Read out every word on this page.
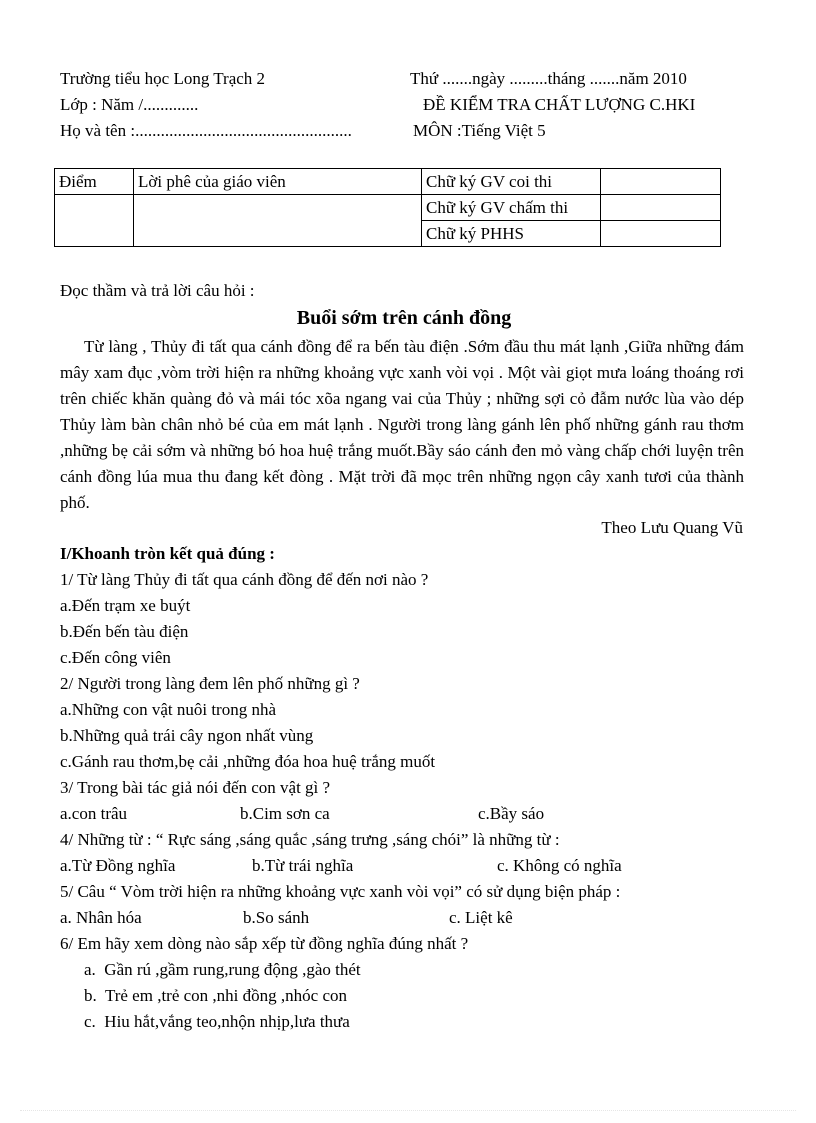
Trường tiểu học Long Trạch 2
Lớp : Năm /.............
Họ và tên :...................................................
Thứ .......ngày .........tháng .......năm 2010
ĐỀ KIỂM TRA CHẤT LƯỢNG C.HKI
MÔN :Tiếng Việt 5
Điểm	Lời phê của giáo viên	Chữ ký GV coi thi	
		Chữ ký GV chấm thi	
		Chữ ký PHHS	
Đọc thầm và trả lời câu hỏi :
Buổi sớm trên cánh đồng
Từ làng , Thủy đi tất qua cánh đồng để ra bến tàu điện .Sớm đầu thu mát lạnh ,Giữa những đám mây xam đục ,vòm trời hiện ra những khoảng vực xanh vòi vọi . Một vài giọt mưa loáng thoáng rơi trên chiếc khăn quàng đỏ và mái tóc xõa ngang vai của Thủy ; những sợi cỏ đẫm nước lùa vào dép Thủy làm bàn chân nhỏ bé của em mát lạnh . Người trong làng gánh lên phố những gánh rau thơm ,những bẹ cải sớm và những bó hoa huệ trắng muốt.Bầy sáo cánh đen mỏ vàng chấp chới luyện trên cánh đồng lúa mua thu đang kết đòng . Mặt trời đã mọc trên những ngọn cây xanh tươi của thành phố.
Theo Lưu Quang Vũ
I/Khoanh tròn kết quả đúng :
1/ Từ làng Thủy đi tất qua cánh đồng để đến nơi nào ?
a.Đến trạm xe buýt
b.Đến bến tàu điện
c.Đến công viên
2/ Người trong làng đem lên phố những gì ?
a.Những con vật nuôi trong nhà
b.Những quả trái cây ngon nhất vùng
c.Gánh rau thơm,bẹ cải ,những đóa hoa huệ trắng muốt
3/ Trong bài tác giả nói đến con vật gì ?
a.con trâu	b.Cim sơn ca	c.Bầy sáo
4/ Những từ : “ Rực sáng ,sáng quắc ,sáng trưng ,sáng chói” là những từ :
a.Từ Đồng nghĩa	b.Từ trái nghĩa	c. Không có nghĩa
5/ Câu “ Vòm trời hiện ra những khoảng vực xanh vòi vọi” có sử dụng biện pháp :
a. Nhân hóa	b.So sánh	c. Liệt kê
6/ Em hãy xem dòng nào sắp xếp từ đồng nghĩa đúng nhất ?
a.  Gần rú ,gầm rung,rung động ,gào thét
b.  Trẻ em ,trẻ con ,nhi đồng ,nhóc con
c.  Hiu hắt,vắng teo,nhộn nhịp,lưa thưa
